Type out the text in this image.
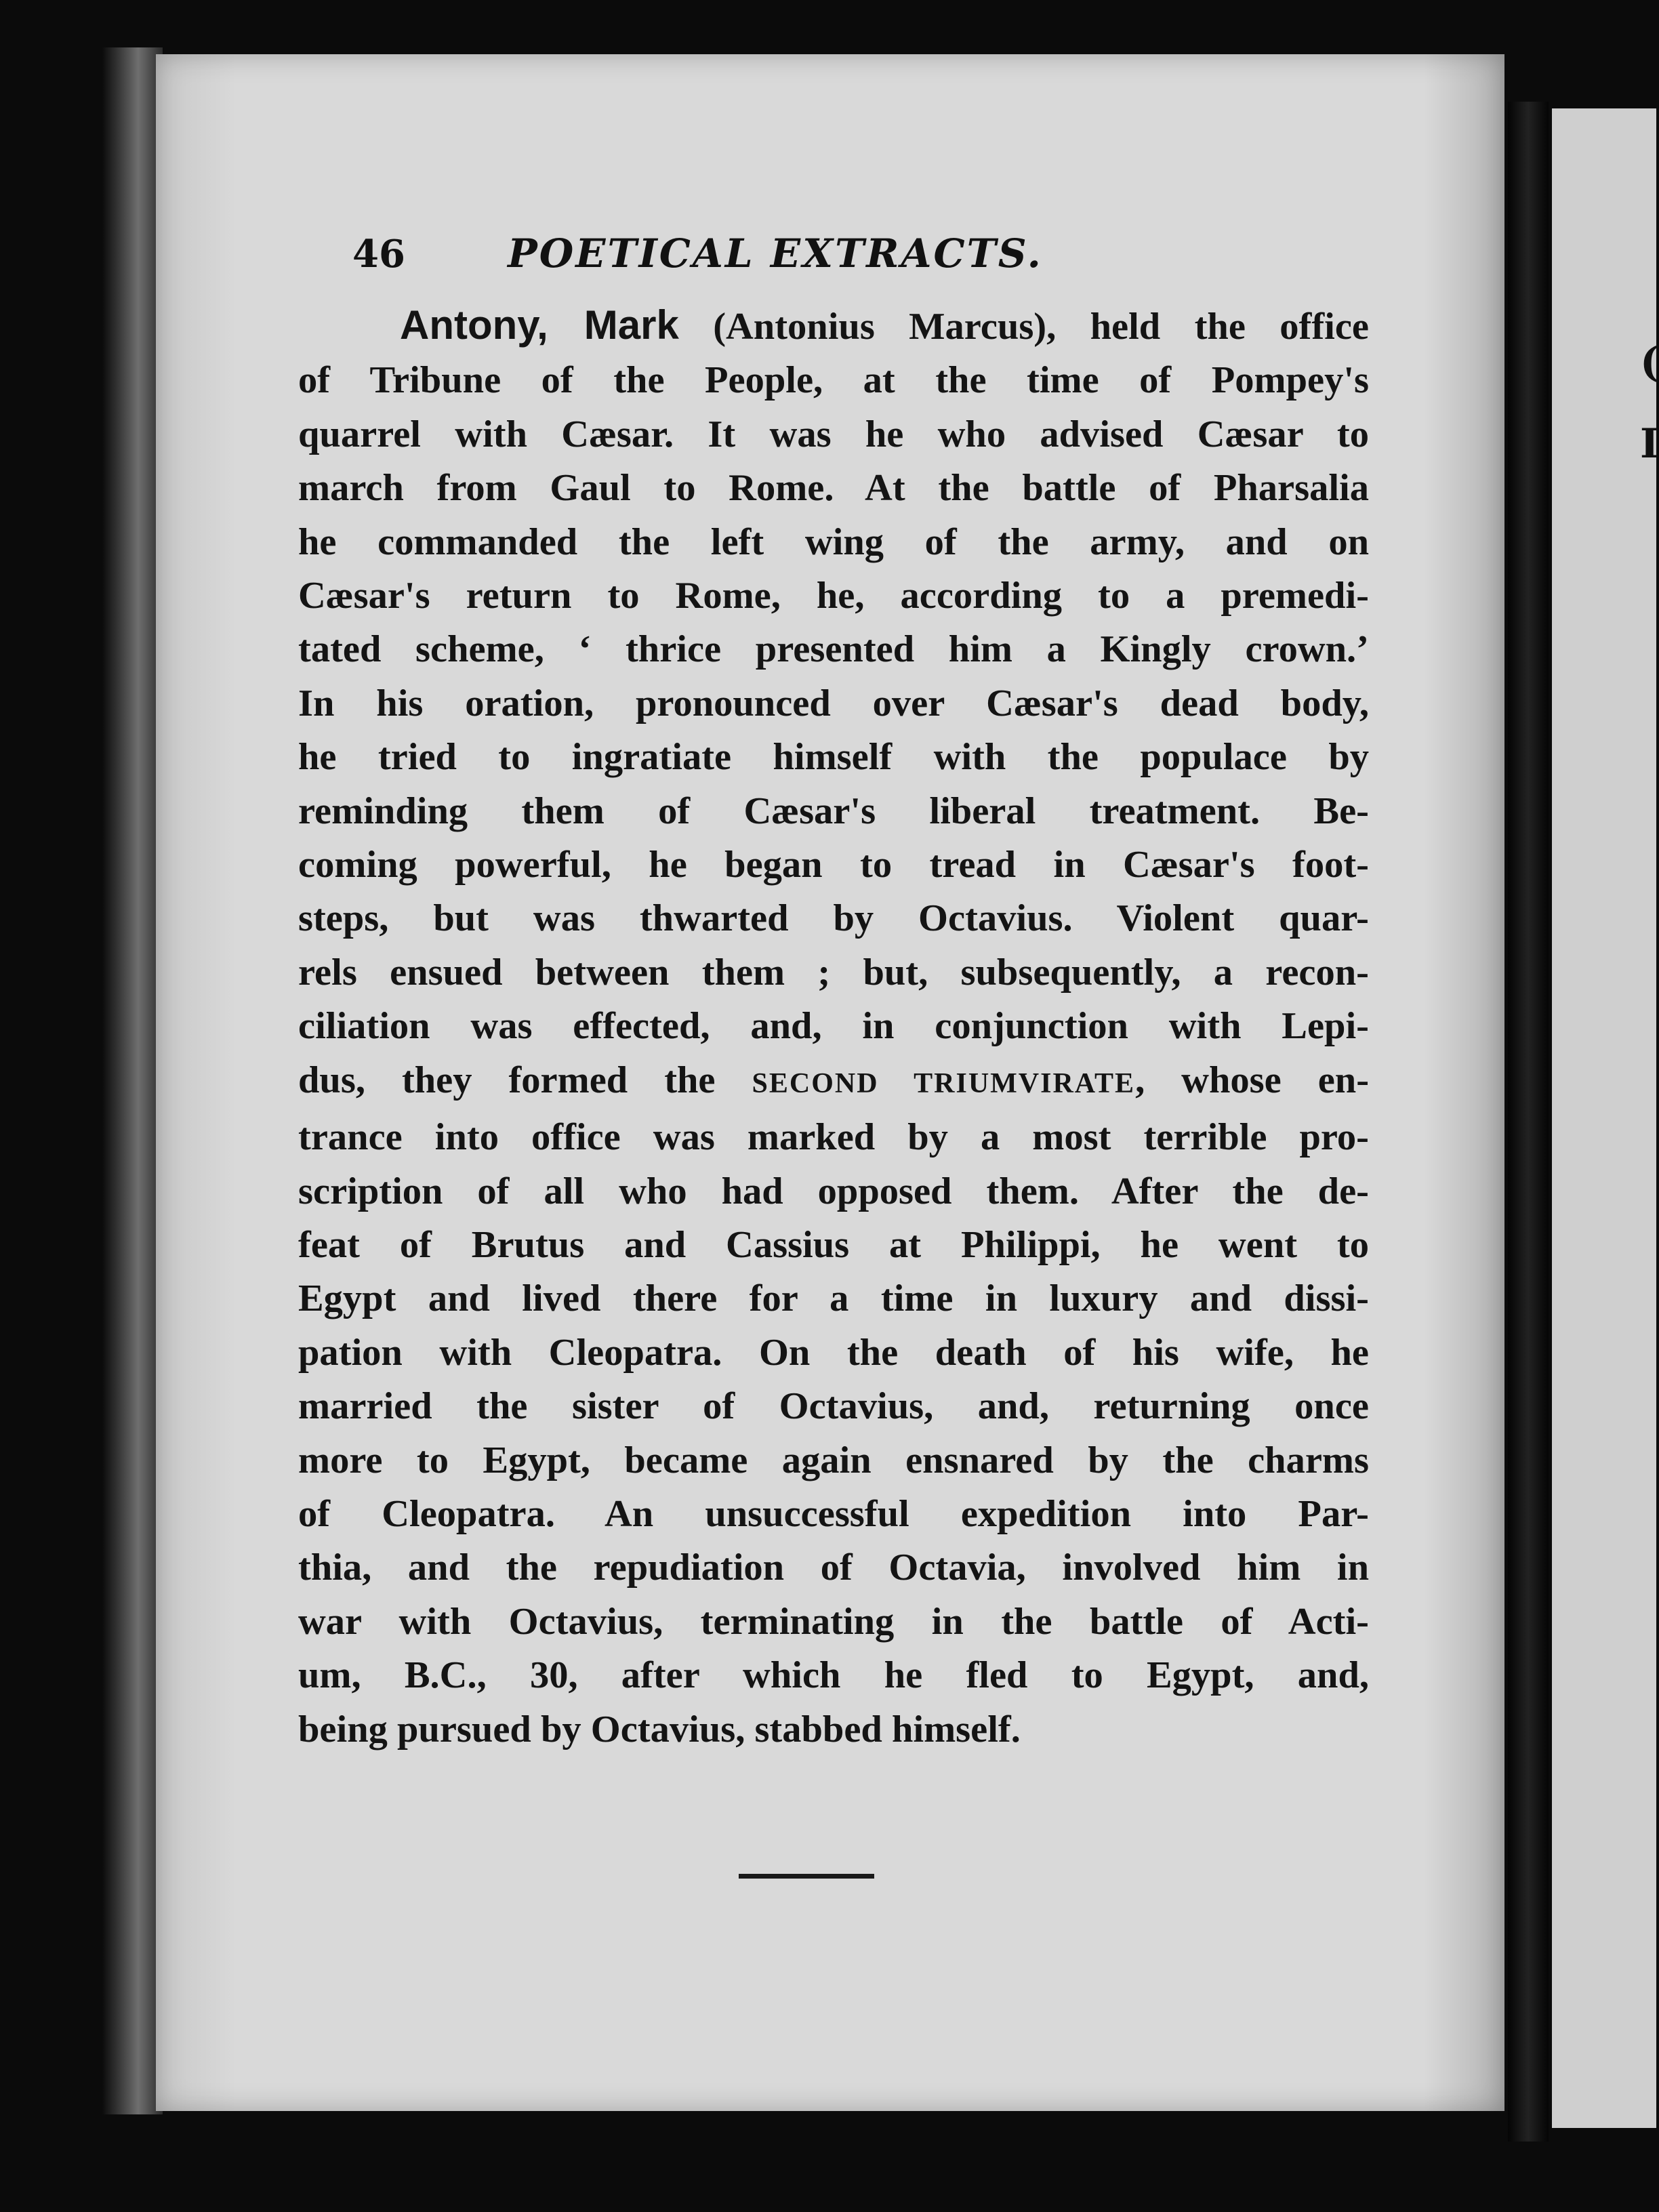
(
I
46	POETICAL EXTRACTS.
Antony, Mark (Antonius Marcus), held the office
of Tribune of the People, at the time of Pompey's
quarrel with Cæsar. It was he who advised Cæsar to
march from Gaul to Rome. At the battle of Pharsalia
he commanded the left wing of the army, and on
Cæsar's return to Rome, he, according to a premedi-
tated scheme, ‘ thrice presented him a Kingly crown.’
In his oration, pronounced over Cæsar's dead body,
he tried to ingratiate himself with the populace by
reminding them of Cæsar's liberal treatment. Be-
coming powerful, he began to tread in Cæsar's foot-
steps, but was thwarted by Octavius. Violent quar-
rels ensued between them ; but, subsequently, a recon-
ciliation was effected, and, in conjunction with Lepi-
dus, they formed the SECOND TRIUMVIRATE, whose en-
trance into office was marked by a most terrible pro-
scription of all who had opposed them. After the de-
feat of Brutus and Cassius at Philippi, he went to
Egypt and lived there for a time in luxury and dissi-
pation with Cleopatra. On the death of his wife, he
married the sister of Octavius, and, returning once
more to Egypt, became again ensnared by the charms
of Cleopatra. An unsuccessful expedition into Par-
thia, and the repudiation of Octavia, involved him in
war with Octavius, terminating in the battle of Acti-
um, B.C., 30, after which he fled to Egypt, and,
being pursued by Octavius, stabbed himself.
